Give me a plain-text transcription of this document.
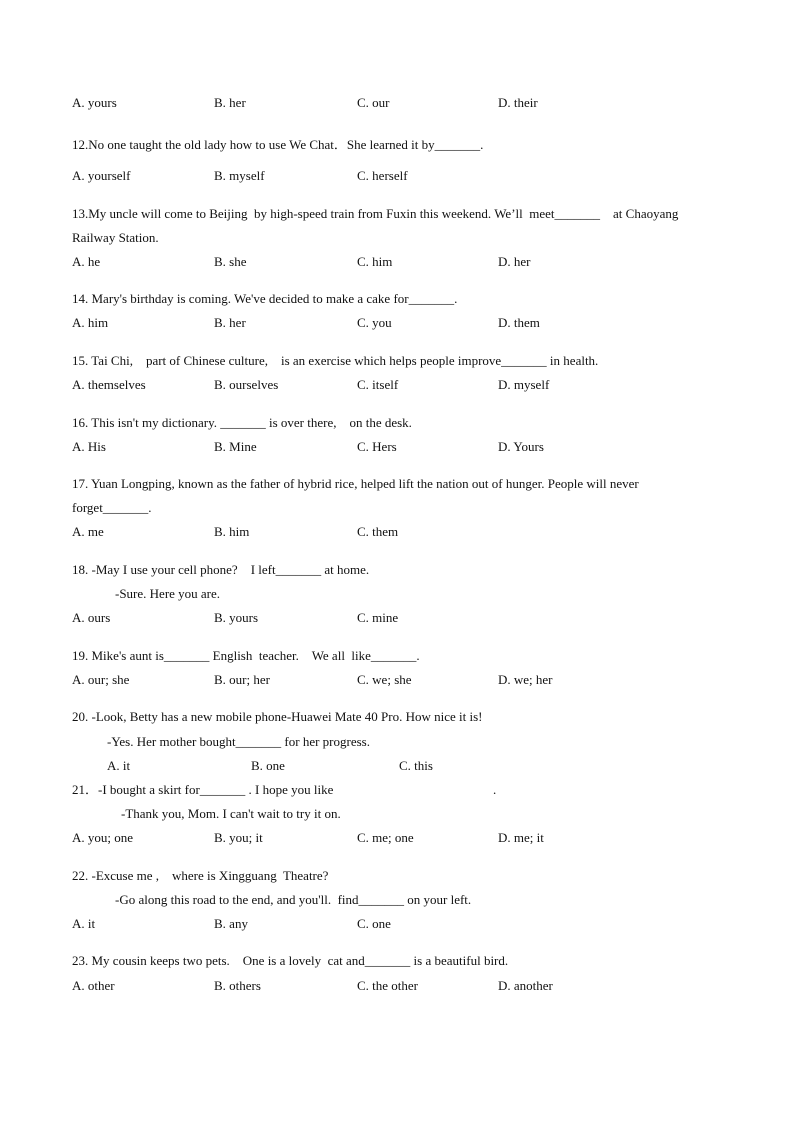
A. yours	B. her	C. our	D. their
12.No one taught the old lady how to use We Chat．She learned it by_______.
A. yourself	B. myself	C. herself
13.My uncle will come to Beijing  by high-speed train from Fuxin this weekend. We’ll  meet_______    at Chaoyang
Railway Station.
A. he	B. she	C. him	D. her
14. Mary's birthday is coming. We've decided to make a cake for_______.
A. him	B. her	C. you	D. them
15. Tai Chi,    part of Chinese culture,    is an exercise which helps people improve_______ in health.
A. themselves	B. ourselves	C. itself	D. myself
16. This isn't my dictionary. _______ is over there,    on the desk.
A. His	B. Mine	C. Hers	D. Yours
17. Yuan Longping, known as the father of hybrid rice, helped lift the nation out of hunger. People will never
forget_______.
A. me	B. him	C. them
18. -May I use your cell phone?    I left_______ at home.
-Sure. Here you are.
A. ours	B. yours	C. mine
19. Mike's aunt is_______ English  teacher.    We all  like_______.
A. our; she	B. our; her	C. we; she	D. we; her
20. -Look, Betty has a new mobile phone-Huawei Mate 40 Pro. How nice it is!
-Yes. Her mother bought_______ for her progress.
A. it	B. one	C. this
21．-I bought a skirt for_______ . I hope you like	.
-Thank you, Mom. I can't wait to try it on.
A. you; one	B. you; it	C. me; one	D. me; it
22. -Excuse me ,    where is Xingguang  Theatre?
-Go along this road to the end, and you'll.  find_______ on your left.
A. it	B. any	C. one
23. My cousin keeps two pets.    One is a lovely  cat and_______ is a beautiful bird.
A. other	B. others	C. the other	D. another
